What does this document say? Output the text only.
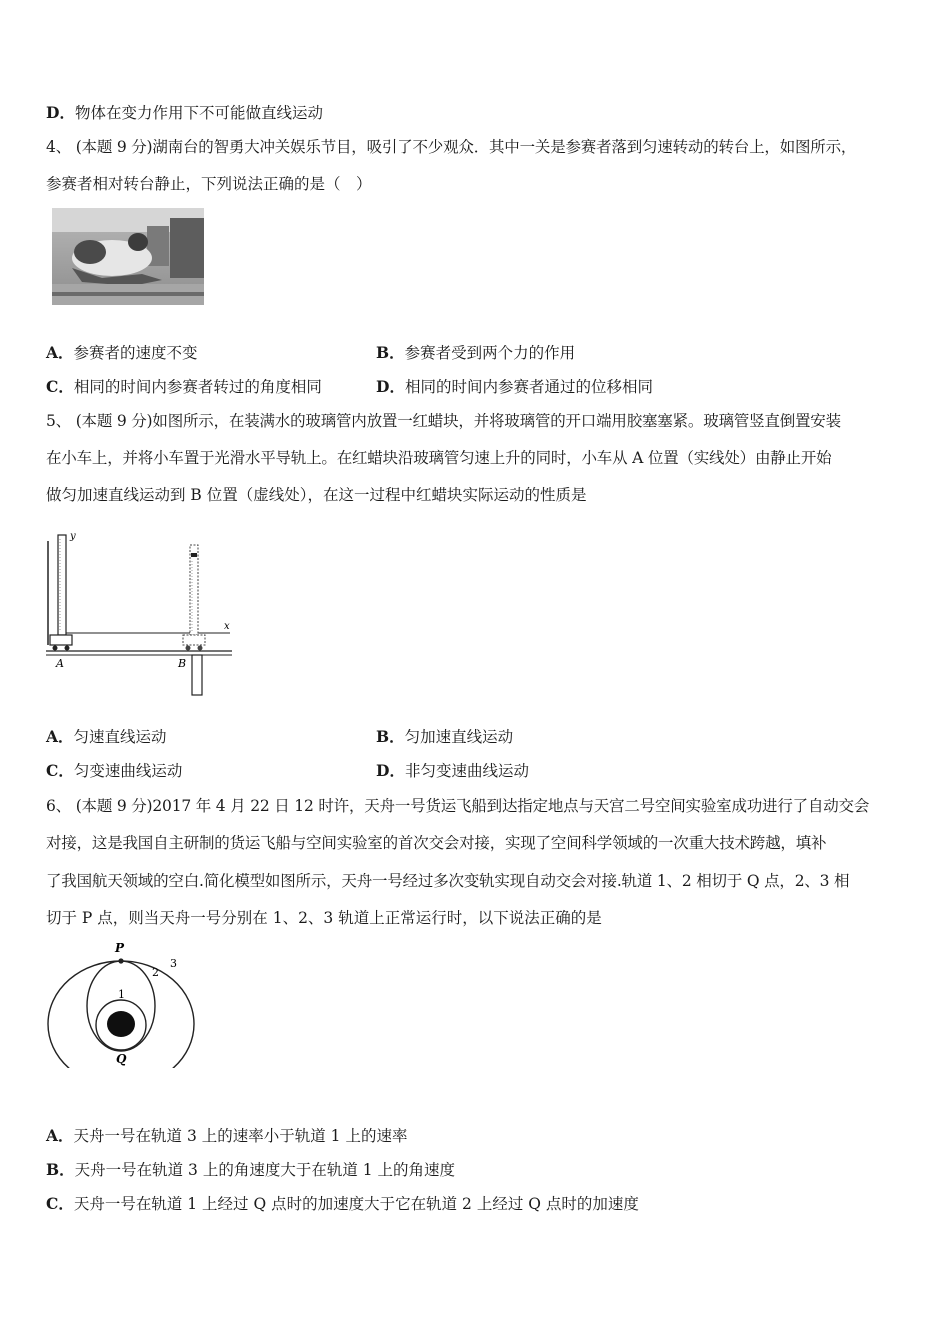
D．物体在变力作用下不可能做直线运动
4、 (本题 9 分)湖南台的智勇大冲关娱乐节目，吸引了不少观众．其中一关是参赛者落到匀速转动的转台上，如图所示，
参赛者相对转台静止，下列说法正确的是（　）
A．参赛者的速度不变	B．参赛者受到两个力的作用
C．相同的时间内参赛者转过的角度相同	D．相同的时间内参赛者通过的位移相同
5、 (本题 9 分)如图所示，在装满水的玻璃管内放置一红蜡块，并将玻璃管的开口端用胶塞塞紧。玻璃管竖直倒置安装
在小车上，并将小车置于光滑水平导轨上。在红蜡块沿玻璃管匀速上升的同时，小车从 A 位置（实线处）由静止开始
做匀加速直线运动到 B 位置（虚线处），在这一过程中红蜡块实际运动的性质是
y
x
A	B
A．匀速直线运动	B．匀加速直线运动
C．匀变速曲线运动	D．非匀变速曲线运动
6、 (本题 9 分)2017 年 4 月 22 日 12 时许，天舟一号货运飞船到达指定地点与天宫二号空间实验室成功进行了自动交会
对接，这是我国自主研制的货运飞船与空间实验室的首次交会对接，实现了空间科学领域的一次重大技术跨越，填补
了我国航天领域的空白.简化模型如图所示，天舟一号经过多次变轨实现自动交会对接.轨道 1、2 相切于 Q 点，2、3 相
切于 P 点，则当天舟一号分别在 1、2、3 轨道上正常运行时，以下说法正确的是
P
Q
1
2
3
A．天舟一号在轨道 3 上的速率小于轨道 1 上的速率
B．天舟一号在轨道 3 上的角速度大于在轨道 1 上的角速度
C．天舟一号在轨道 1 上经过 Q 点时的加速度大于它在轨道 2 上经过 Q 点时的加速度
